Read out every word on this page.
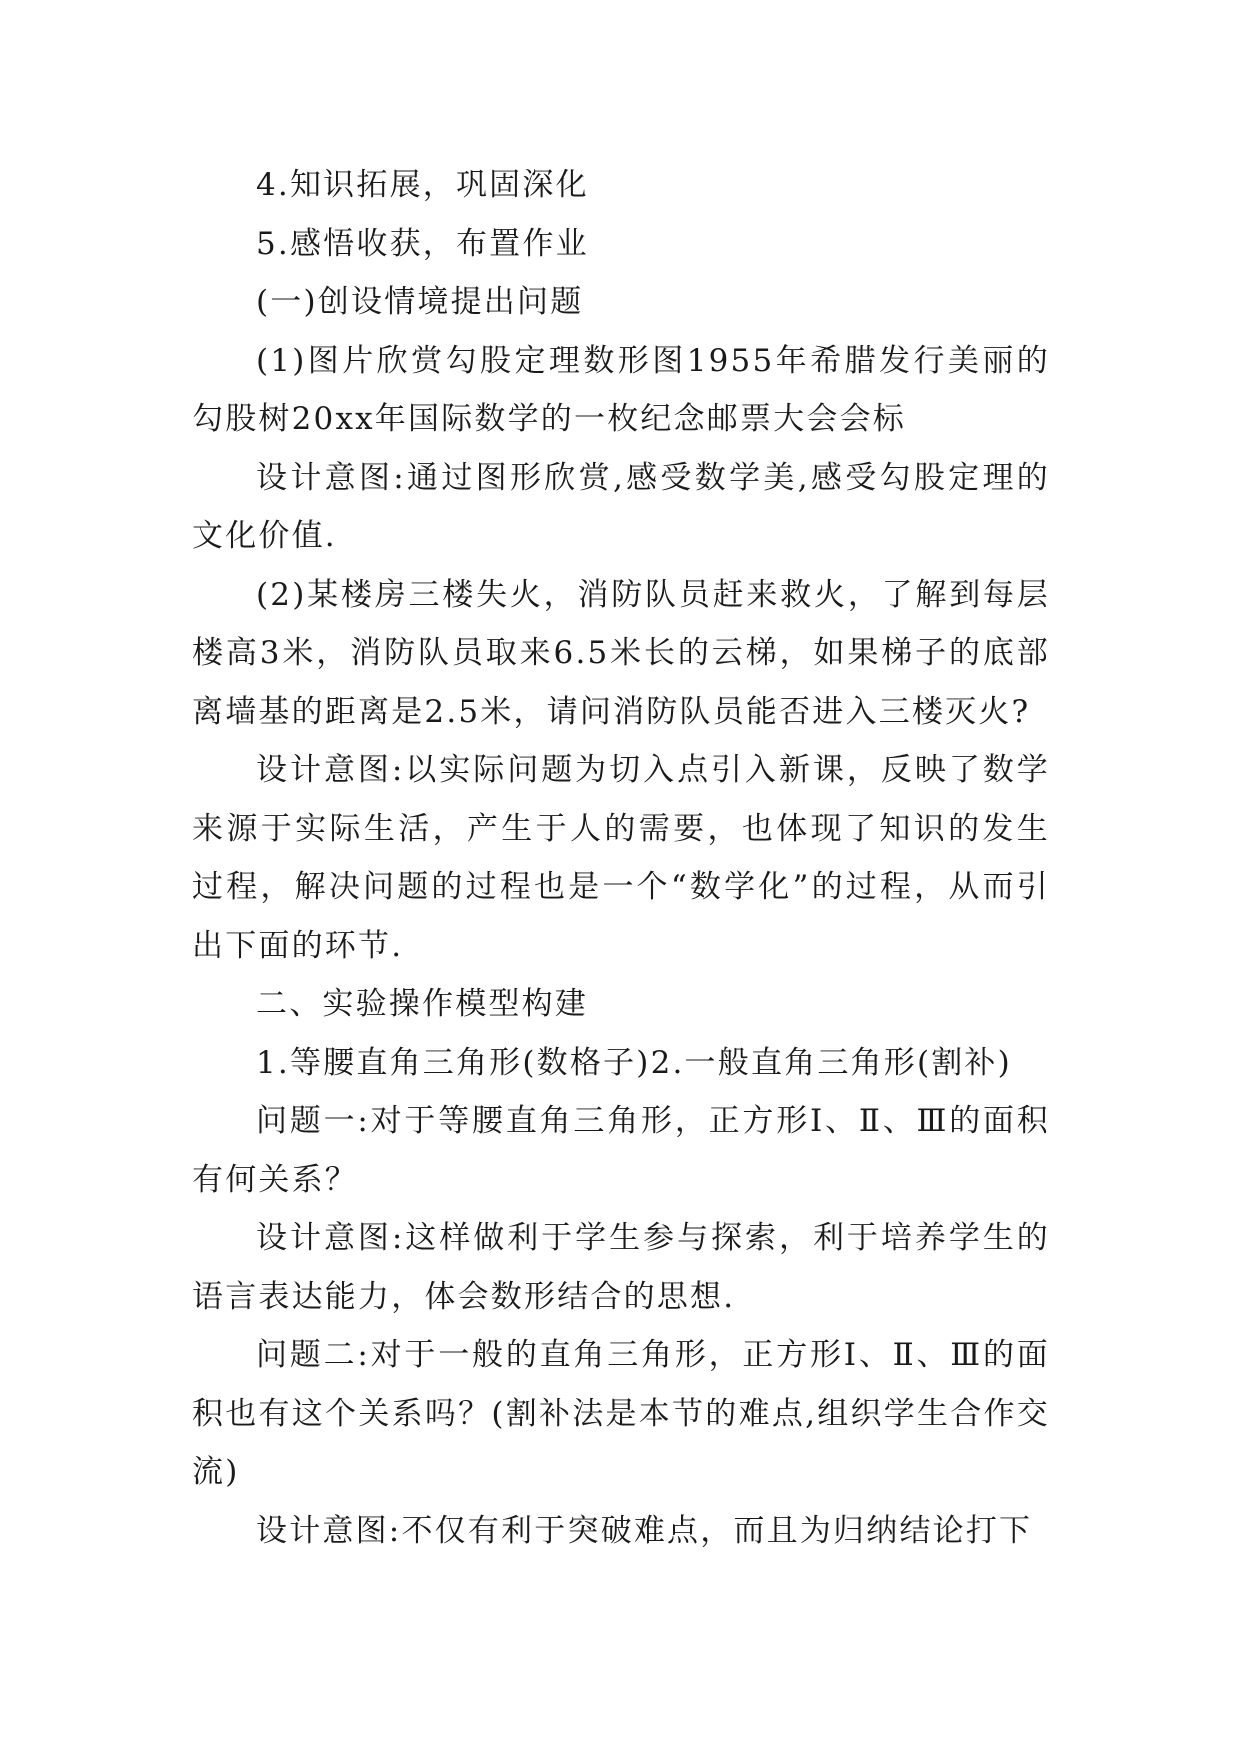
4.知识拓展，巩固深化

5.感悟收获，布置作业

(一)创设情境提出问题

(1)图片欣赏勾股定理数形图1955年希腊发行美丽的勾股树20xx年国际数学的一枚纪念邮票大会会标

设计意图:通过图形欣赏,感受数学美,感受勾股定理的文化价值.

(2)某楼房三楼失火，消防队员赶来救火，了解到每层楼高3米，消防队员取来6.5米长的云梯，如果梯子的底部离墙基的距离是2.5米，请问消防队员能否进入三楼灭火?

设计意图:以实际问题为切入点引入新课，反映了数学来源于实际生活，产生于人的需要，也体现了知识的发生过程，解决问题的过程也是一个“数学化”的过程，从而引出下面的环节.

二、实验操作模型构建

1.等腰直角三角形(数格子)2.一般直角三角形(割补)

问题一:对于等腰直角三角形，正方形Ⅰ、Ⅱ、Ⅲ的面积有何关系？

设计意图:这样做利于学生参与探索，利于培养学生的语言表达能力，体会数形结合的思想.

问题二:对于一般的直角三角形，正方形Ⅰ、Ⅱ、Ⅲ的面积也有这个关系吗？(割补法是本节的难点,组织学生合作交流)

设计意图:不仅有利于突破难点，而且为归纳结论打下
